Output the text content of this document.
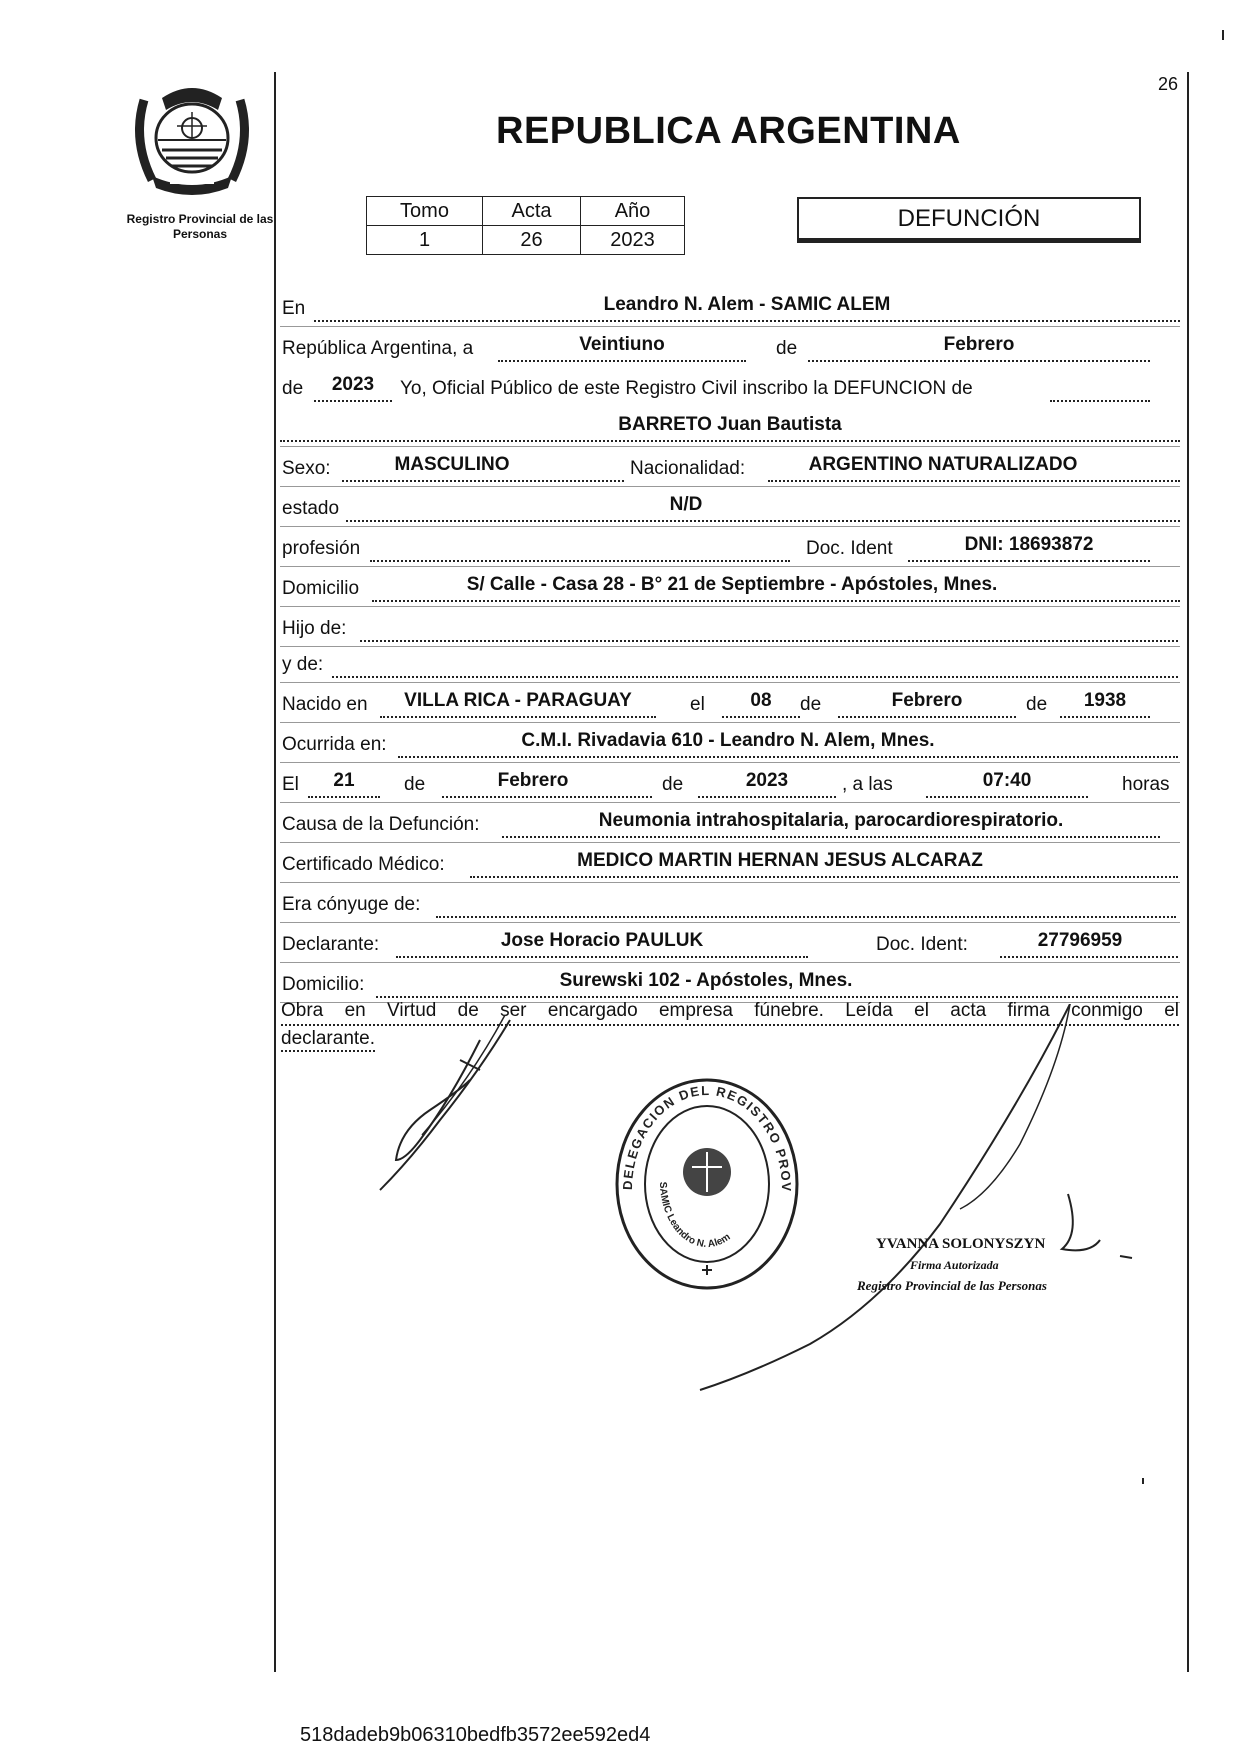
Registro Provincial de las Personas
26
REPUBLICA ARGENTINA
Tomo	Acta	Año
1	26	2023
DEFUNCIÓN
En	Leandro N. Alem - SAMIC ALEM
República Argentina, a	Veintiuno	de	Febrero
de	2023	Yo, Oficial Público de este Registro Civil inscribo la DEFUNCION de
BARRETO Juan Bautista
Sexo:	MASCULINO	Nacionalidad:	ARGENTINO NATURALIZADO
estado	N/D
profesión	Doc. Ident	DNI: 18693872
Domicilio	S/ Calle - Casa 28 - B° 21 de Septiembre - Apóstoles, Mnes.
Hijo de:
y de:
Nacido en	VILLA RICA - PARAGUAY	el	08	de	Febrero	de	1938
Ocurrida en:	C.M.I. Rivadavia 610 - Leandro N. Alem, Mnes.
El	21	de	Febrero	de	2023	, a las	07:40	horas
Causa de la Defunción:	Neumonia intrahospitalaria, parocardiorespiratorio.
Certificado Médico:	MEDICO MARTIN HERNAN JESUS ALCARAZ
Era cónyuge de:
Declarante:	Jose Horacio PAULUK	Doc. Ident:	27796959
Domicilio:	Surewski 102 - Apóstoles, Mnes.
Obra en Virtud de ser encargado empresa fúnebre. Leída el acta firma conmigo el
declarante.
DELEGACION DEL REGISTRO PROV
SAMIC Leandro N. Alem	YVANNA SOLONYSZYN
Firma Autorizada
Registro Provincial de las Personas
518dadeb9b06310bedfb3572ee592ed4
